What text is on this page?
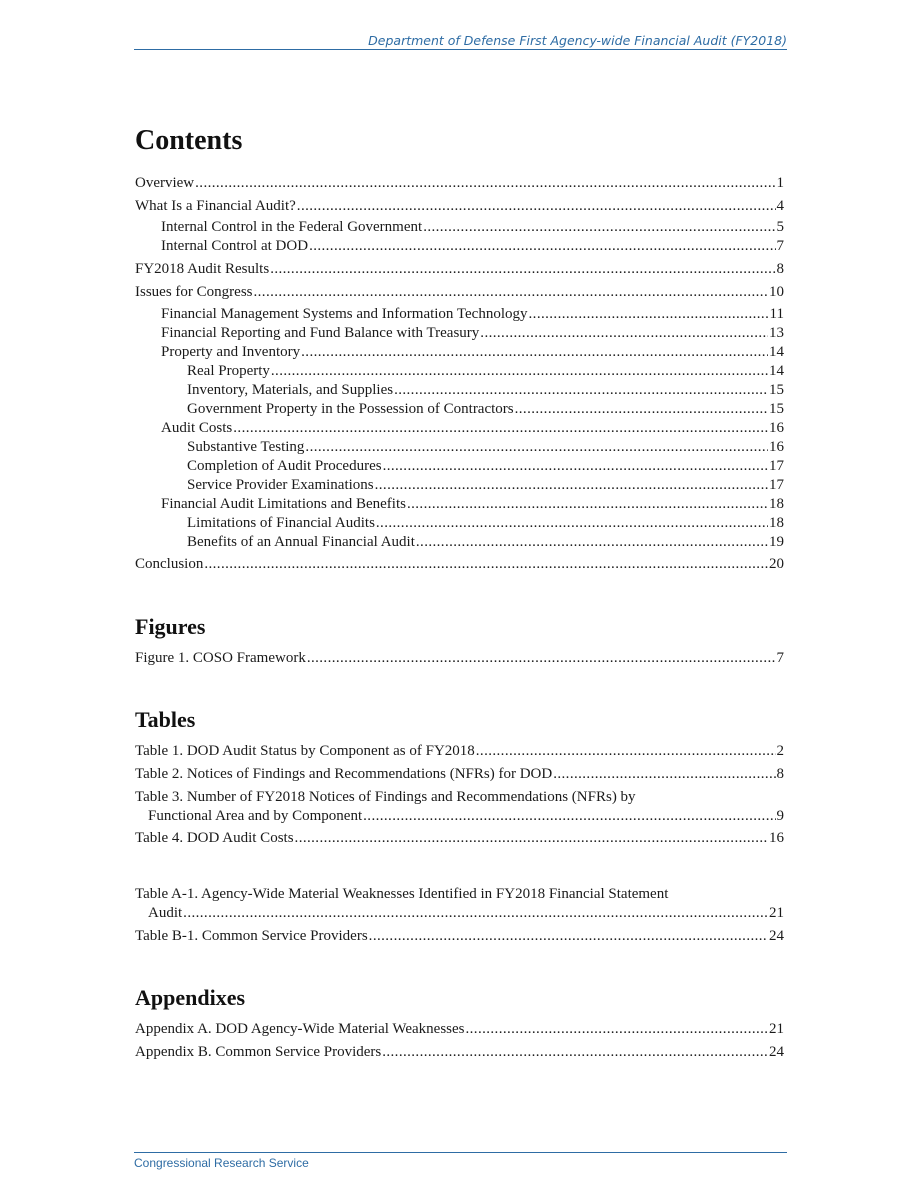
Department of Defense First Agency-wide Financial Audit (FY2018)
Contents
Overview .....	1
What Is a Financial Audit? .....	4
Internal Control in the Federal Government .....	5
Internal Control at DOD .....	7
FY2018 Audit Results .....	8
Issues for Congress .....	10
Financial Management Systems and Information Technology .....	11
Financial Reporting and Fund Balance with Treasury .....	13
Property and Inventory .....	14
Real Property .....	14
Inventory, Materials, and Supplies .....	15
Government Property in the Possession of Contractors .....	15
Audit Costs .....	16
Substantive Testing .....	16
Completion of Audit Procedures .....	17
Service Provider Examinations .....	17
Financial Audit Limitations and Benefits .....	18
Limitations of Financial Audits .....	18
Benefits of an Annual Financial Audit .....	19
Conclusion .....	20
Figures
Figure 1. COSO Framework .....	7
Tables
Table 1. DOD Audit Status by Component as of FY2018 .....	2
Table 2. Notices of Findings and Recommendations (NFRs) for DOD .....	8
Table 3. Number of FY2018 Notices of Findings and Recommendations (NFRs) by
Functional Area and by Component .....	9
Table 4. DOD Audit Costs .....	16
Table A-1. Agency-Wide Material Weaknesses Identified in FY2018 Financial Statement
Audit .....	21
Table B-1. Common Service Providers .....	24
Appendixes
Appendix A. DOD Agency-Wide Material Weaknesses .....	21
Appendix B. Common Service Providers .....	24
Congressional Research Service
